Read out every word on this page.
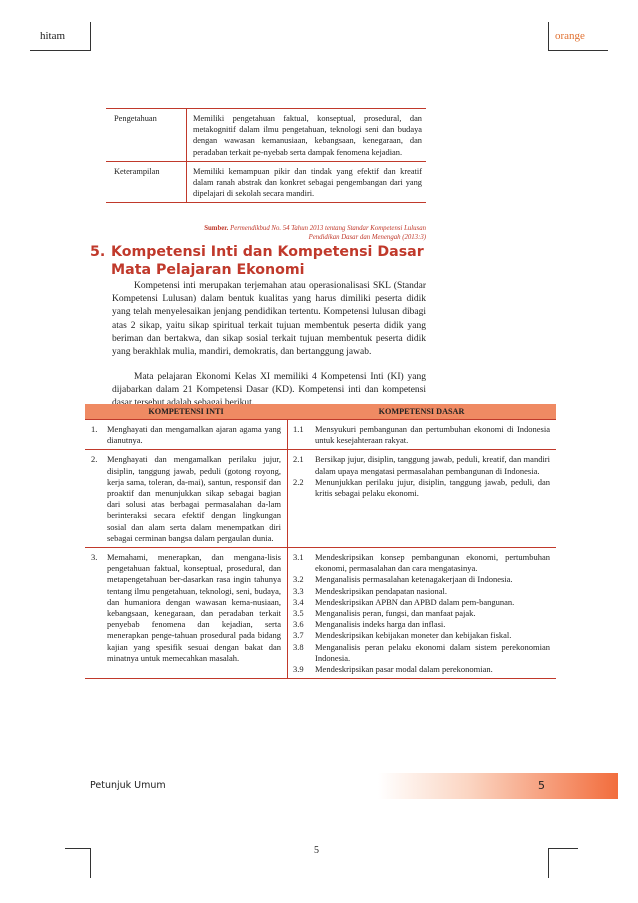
hitam	orange
Pengetahuan	Memiliki pengetahuan faktual, konseptual, prosedural, dan metakognitif dalam ilmu pengetahuan, teknologi seni dan budaya dengan wawasan kemanusiaan, kebangsaan, kenegaraan, dan peradaban terkait pe-nyebab serta dampak fenomena kejadian.
Keterampilan	Memiliki kemampuan pikir dan tindak yang efektif dan kreatif dalam ranah abstrak dan konkret sebagai pengembangan dari yang dipelajari di sekolah secara mandiri.
Sumber. Permendikbud No. 54 Tahun 2013 tentang Standar Kompetensi Lulusan Pendidikan Dasar dan Menengah (2013:3)
5. Kompetensi Inti dan Kompetensi Dasar Mata Pelajaran Ekonomi

Kompetensi inti merupakan terjemahan atau operasionalisasi SKL (Standar Kompetensi Lulusan) dalam bentuk kualitas yang harus dimiliki peserta didik yang telah menyelesaikan jenjang pendidikan tertentu. Kompetensi lulusan dibagi atas 2 sikap, yaitu sikap spiritual terkait tujuan membentuk peserta didik yang beriman dan bertakwa, dan sikap sosial terkait tujuan membentuk peserta didik yang berakhlak mulia, mandiri, demokratis, dan bertanggung jawab.

Mata pelajaran Ekonomi Kelas XI memiliki 4 Kompetensi Inti (KI) yang dijabarkan dalam 21 Kompetensi Dasar (KD). Kompetensi inti dan kompetensi

KOMPETENSI INTI	KOMPETENSI DASAR
1.	Menghayati dan mengamalkan ajaran agama yang dianutnya.
1.1	Mensyukuri pembangunan dan pertumbuhan ekonomi di Indonesia untuk kesejahteraan rakyat.
2.	Menghayati dan mengamalkan perilaku jujur, disiplin, tanggung jawab, peduli (gotong royong, kerja sama, toleran, da-mai), santun, responsif dan proaktif dan menunjukkan sikap sebagai bagian dari solusi atas berbagai permasalahan da-lam berinteraksi secara efektif dengan lingkungan sosial dan alam serta dalam menempatkan diri sebagai cerminan bangsa dalam pergaulan dunia.
2.1	Bersikap jujur, disiplin, tanggung jawab, peduli, kreatif, dan mandiri dalam upaya mengatasi permasalahan pembangunan di Indonesia.
2.2	Menunjukkan perilaku jujur, disiplin, tanggung jawab, peduli, dan kritis sebagai pelaku ekonomi.
3.	Memahami, menerapkan, dan mengana-lisis pengetahuan faktual, konseptual, prosedural, dan metapengetahuan ber-dasarkan rasa ingin tahunya tentang ilmu pengetahuan, teknologi, seni, budaya, dan humaniora dengan wawasan kema-nusiaan, kebangsaan, kenegaraan, dan peradaban terkait penyebab fenomena dan kejadian, serta menerapkan penge-tahuan prosedural pada bidang kajian yang spesifik sesuai dengan bakat dan minatnya untuk memecahkan masalah.
3.1	Mendeskripsikan konsep pembangunan ekonomi, pertumbuhan ekonomi, permasalahan dan cara mengatasinya.
3.2	Menganalisis permasalahan ketenagakerjaan di Indonesia.
3.3	Mendeskripsikan pendapatan nasional.
3.4	Mendeskripsikan APBN dan APBD dalam pem-bangunan.
3.5	Menganalisis peran, fungsi, dan manfaat pajak.
3.6	Menganalisis indeks harga dan inflasi.
3.7	Mendeskripsikan kebijakan moneter dan kebijakan fiskal.
3.8	Menganalisis peran pelaku ekonomi dalam sistem perekonomian Indonesia.
3.9	Mendeskripsikan pasar modal dalam perekonomian.
Petunjuk Umum	5
5
